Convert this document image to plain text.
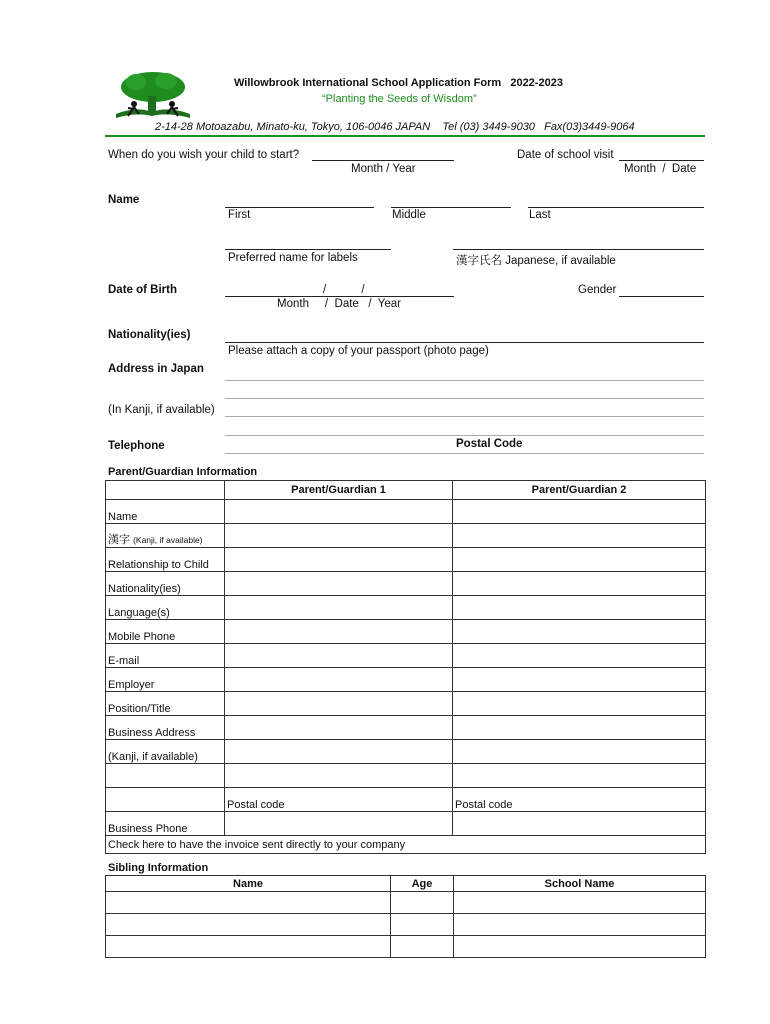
Willowbrook International School Application Form   2022-2023
“Planting the Seeds of Wisdom”
2-14-28 Motoazabu, Minato-ku, Tokyo, 106-0046 JAPAN    Tel (03) 3449-9030   Fax(03)3449-9064
When do you wish your child to start?
Month / Year
Date of school visit
Month  /  Date
Name
First	Middle	Last
Preferred name for labels	漢字氏名 Japanese, if available
Date of Birth	/           /
Month     /  Date   /  Year
Gender
Nationality(ies)
Please attach a copy of your passport (photo page)
Address in Japan
(In Kanji, if available)
Telephone	Postal Code
Parent/Guardian Information
	Parent/Guardian 1	Parent/Guardian 2
Name		
漢字 (Kanji, if available)		
Relationship to Child		
Nationality(ies)		
Language(s)		
Mobile Phone		
E-mail		
Employer		
Position/Title		
Business Address		
(Kanji, if available)		

	Postal code	Postal code
Business Phone		
Check here to have the invoice sent directly to your company		
Sibling Information
Name	Age	School Name
